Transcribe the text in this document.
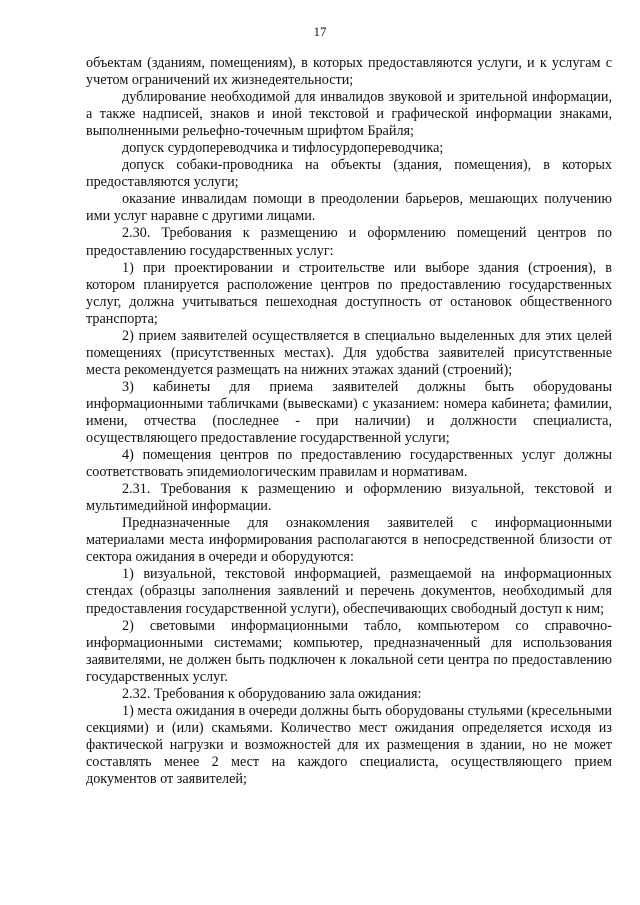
17

объектам (зданиям, помещениям), в которых предоставляются услуги, и к услугам с учетом ограничений их жизнедеятельности;

дублирование необходимой для инвалидов звуковой и зрительной информации, а также надписей, знаков и иной текстовой и графической информации знаками, выполненными рельефно-точечным шрифтом Брайля;

допуск сурдопереводчика и тифлосурдопереводчика;

допуск собаки-проводника на объекты (здания, помещения), в которых предоставляются услуги;

оказание инвалидам помощи в преодолении барьеров, мешающих получению ими услуг наравне с другими лицами.

2.30. Требования к размещению и оформлению помещений центров по предоставлению государственных услуг:

1) при проектировании и строительстве или выборе здания (строения), в котором планируется расположение центров по предоставлению государственных услуг, должна учитываться пешеходная доступность от остановок общественного транспорта;

2) прием заявителей осуществляется в специально выделенных для этих целей помещениях (присутственных местах). Для удобства заявителей присутственные места рекомендуется размещать на нижних этажах зданий (строений);

3) кабинеты для приема заявителей должны быть оборудованы информационными табличками (вывесками) с указанием: номера кабинета; фамилии, имени, отчества (последнее - при наличии) и должности специалиста, осуществляющего предоставление государственной услуги;

4) помещения центров по предоставлению государственных услуг должны соответствовать эпидемиологическим правилам и нормативам.

2.31. Требования к размещению и оформлению визуальной, текстовой и мультимедийной информации.

Предназначенные для ознакомления заявителей с информационными материалами места информирования располагаются в непосредственной близости от сектора ожидания в очереди и оборудуются:

1) визуальной, текстовой информацией, размещаемой на информационных стендах (образцы заполнения заявлений и перечень документов, необходимый для предоставления государственной услуги), обеспечивающих свободный доступ к ним;

2) световыми информационными табло, компьютером со справочно-информационными системами; компьютер, предназначенный для использования заявителями, не должен быть подключен к локальной сети центра по предоставлению государственных услуг.

2.32. Требования к оборудованию зала ожидания:

1) места ожидания в очереди должны быть оборудованы стульями (кресельными секциями) и (или) скамьями. Количество мест ожидания определяется исходя из фактической нагрузки и возможностей для их размещения в здании, но не может составлять менее 2 мест на каждого специалиста, осуществляющего прием документов от заявителей;
